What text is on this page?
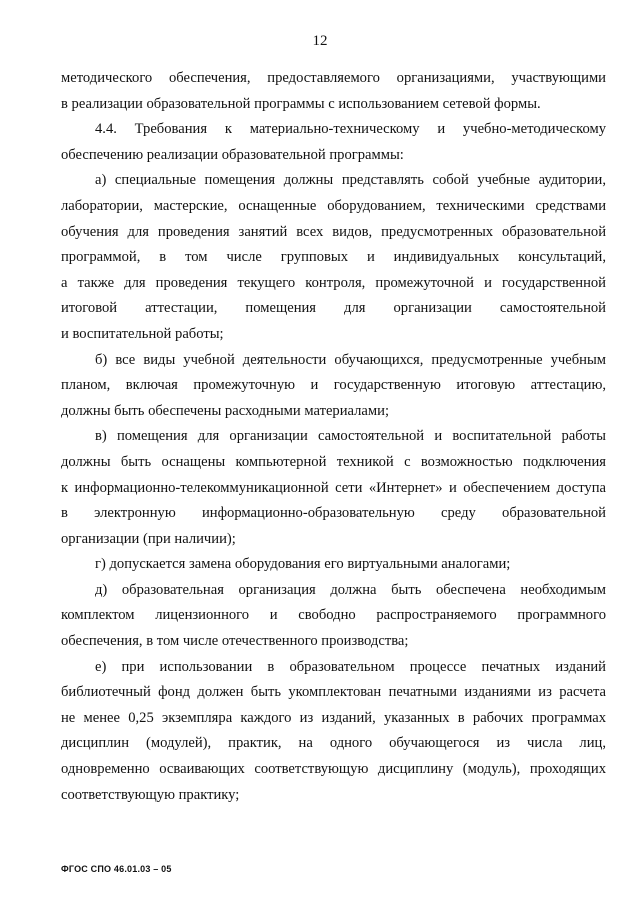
12
методического обеспечения, предоставляемого организациями, участвующими
в реализации образовательной программы с использованием сетевой формы.
4.4. Требования к материально-техническому и учебно-методическому
обеспечению реализации образовательной программы:
а) специальные помещения должны представлять собой учебные аудитории,
лаборатории, мастерские, оснащенные оборудованием, техническими средствами
обучения для проведения занятий всех видов, предусмотренных образовательной
программой, в том числе групповых и индивидуальных консультаций,
а также для проведения текущего контроля, промежуточной и государственной
итоговой аттестации, помещения для организации самостоятельной
и воспитательной работы;
б) все виды учебной деятельности обучающихся, предусмотренные учебным
планом, включая промежуточную и государственную итоговую аттестацию,
должны быть обеспечены расходными материалами;
в) помещения для организации самостоятельной и воспитательной работы
должны быть оснащены компьютерной техникой с возможностью подключения
к информационно-телекоммуникационной сети «Интернет» и обеспечением доступа
в электронную информационно-образовательную среду образовательной
организации (при наличии);
г) допускается замена оборудования его виртуальными аналогами;
д) образовательная организация должна быть обеспечена необходимым
комплектом лицензионного и свободно распространяемого программного
обеспечения, в том числе отечественного производства;
е) при использовании в образовательном процессе печатных изданий
библиотечный фонд должен быть укомплектован печатными изданиями из расчета
не менее 0,25 экземпляра каждого из изданий, указанных в рабочих программах
дисциплин (модулей), практик, на одного обучающегося из числа лиц,
одновременно осваивающих соответствующую дисциплину (модуль), проходящих
соответствующую практику;
ФГОС СПО 46.01.03 – 05
